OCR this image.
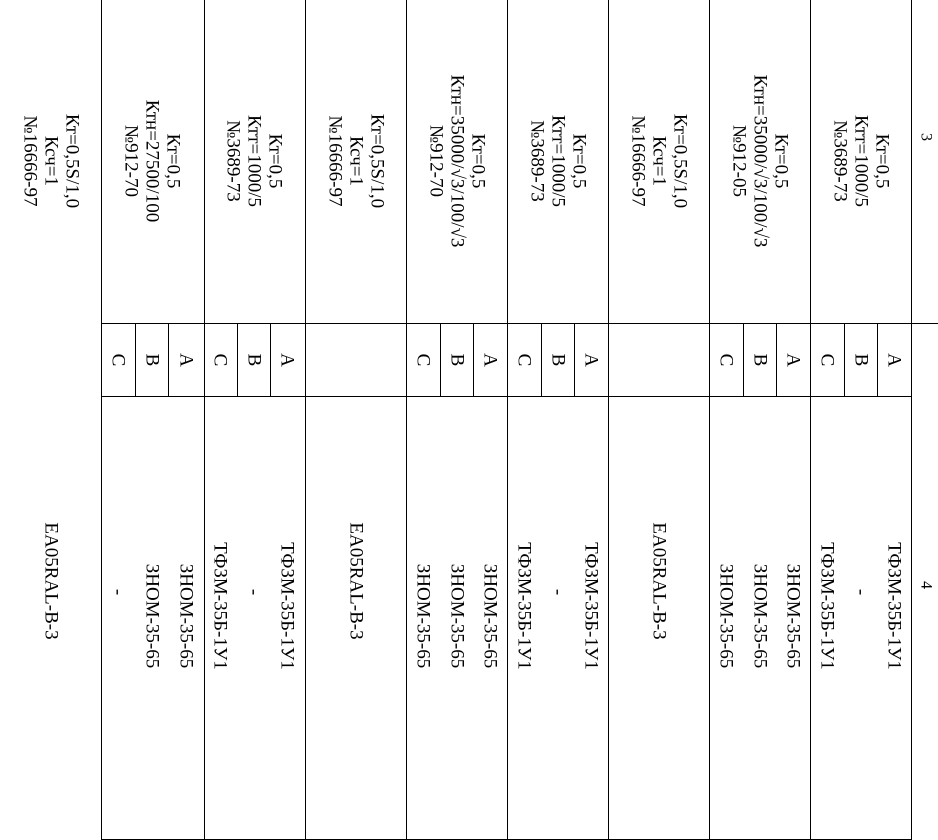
3
4
Кт=0,5
Ктт=1000/5
№3689-73
Кт=0,5
Ктн=35000/√3/100/√3
№912-05
Кт=0,5S/1,0
Ксч=1
№16666-97
A
B
C
A
B
C
ТФЗМ-35Б-1У1
-
ТФЗМ-35Б-1У1
ЗНОМ-35-65
ЗНОМ-35-65
ЗНОМ-35-65
EA05RAL-B-3
Кт=0,5
Ктт=1000/5
№3689-73
Кт=0,5
Ктн=35000/√3/100/√3
№912-70
Кт=0,5S/1,0
Ксч=1
№16666-97
A
B
C
A
B
C
ТФЗМ-35Б-1У1
-
ТФЗМ-35Б-1У1
ЗНОМ-35-65
ЗНОМ-35-65
ЗНОМ-35-65
EA05RAL-B-3
Кт=0,5
Ктт=1000/5
№3689-73
Кт=0,5
Ктн=27500/100
№912-70
Кт=0,5S/1,0
Ксч=1
№16666-97
A
B
C
A
B
C
ТФЗМ-35Б-1У1
-
ТФЗМ-35Б-1У1
ЗНОМ-35-65
ЗНОМ-35-65
-
EA05RAL-B-3
